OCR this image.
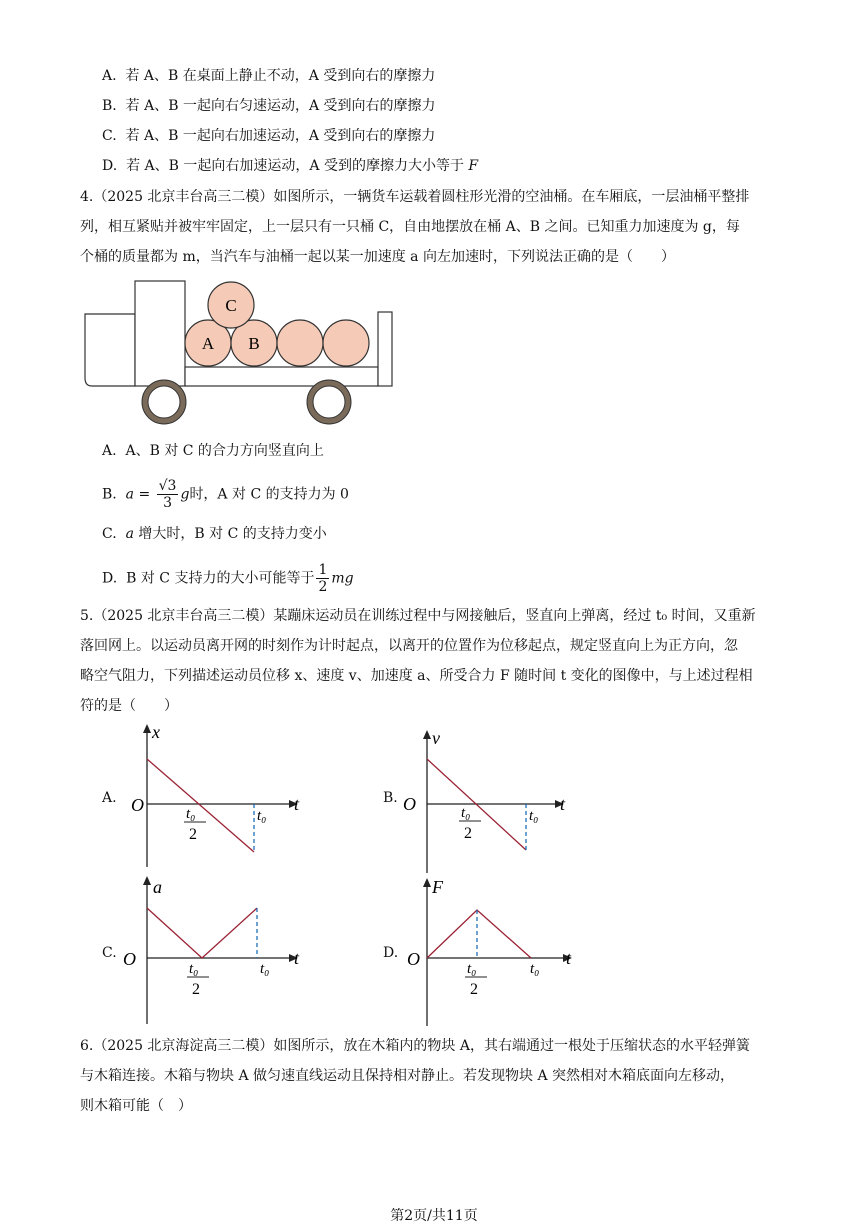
A. 若 A、B 在桌面上静止不动，A 受到向右的摩擦力
B. 若 A、B 一起向右匀速运动，A 受到向右的摩擦力
C. 若 A、B 一起向右加速运动，A 受到向右的摩擦力
D. 若 A、B 一起向右加速运动，A 受到的摩擦力大小等于 F
4.（2025 北京丰台高三二模）如图所示，一辆货车运载着圆柱形光滑的空油桶。在车厢底，一层油桶平整排
列，相互紧贴并被牢牢固定，上一层只有一只桶 C，自由地摆放在桶 A、B 之间。已知重力加速度为 g，每
个桶的质量都为 m，当汽车与油桶一起以某一加速度 a 向左加速时，下列说法正确的是（　　）
A B
C
A. A、B 对 C 的合力方向竖直向上
B. $a = \frac{√3}{3}$ g时，A 对 C 的支持力为 0
C. a 增大时，B 对 C 的支持力变小
D. B 对 C 支持力的大小可能等于 $\frac{1}{2}$ mg
5.（2025 北京丰台高三二模）某蹦床运动员在训练过程中与网接触后，竖直向上弹离，经过 t₀ 时间，又重新
落回网上。以运动员离开网的时刻作为计时起点，以离开的位置作为位移起点，规定竖直向上为正方向，忽
略空气阻力，下列描述运动员位移 x、速度 v、加速度 a、所受合力 F 随时间 t 变化的图像中，与上述过程相
符的是（　　）
A. O
x
t
t₀
2
t₀
B. O
v
t
t₀
2
t₀
C. O
a
t
t₀
2
t₀
D. O
F
t
t₀
2
t₀
6.（2025 北京海淀高三二模）如图所示，放在木箱内的物块 A，其右端通过一根处于压缩状态的水平轻弹簧
与木箱连接。木箱与物块 A 做匀速直线运动且保持相对静止。若发现物块 A 突然相对木箱底面向左移动，
则木箱可能（　）
第2页/共11页
